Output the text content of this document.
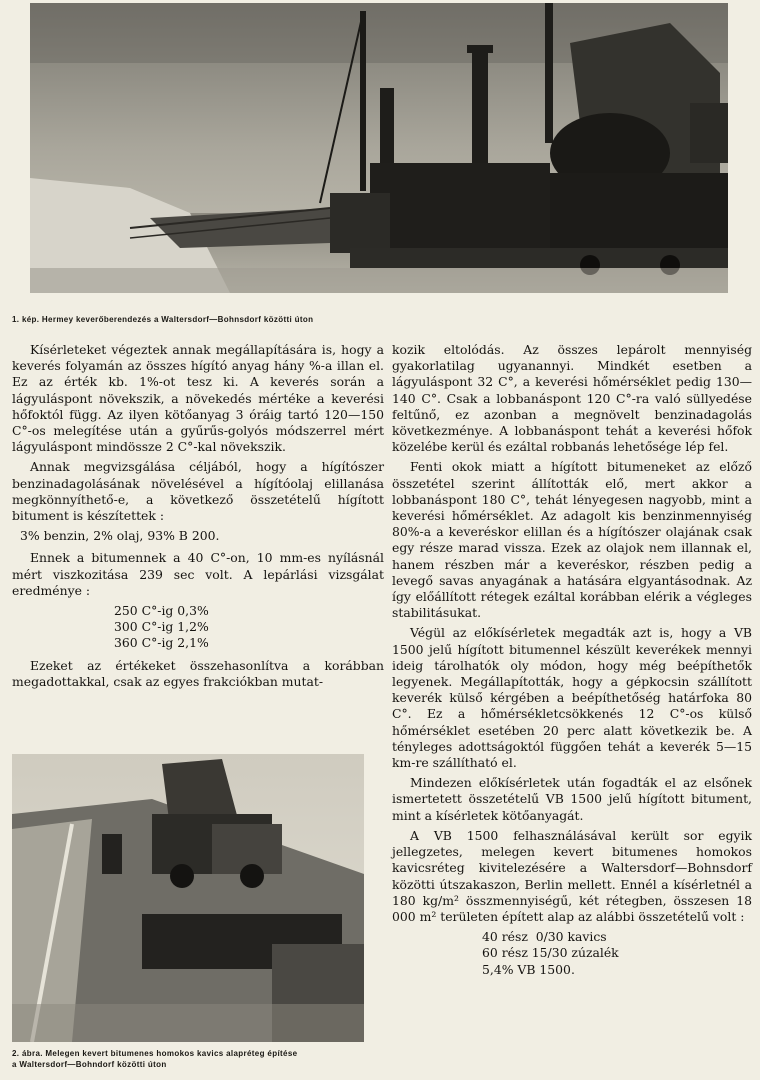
1. kép. Hermey keverőberendezés a Waltersdorf—Bohnsdorf közötti úton

Kísérleteket végeztek annak megállapítására is, hogy a keverés folyamán az összes hígító anyag hány %-a illan el. Ez az érték kb. 1%-ot tesz ki. A keverés során a lágyuláspont növekszik, a növekedés mértéke a keverési hőfoktól függ. Az ilyen kötőanyag 3 óráig tartó 120—150 C°-os melegítése után a gyűrűs-golyós módszerrel mért lágyuláspont mindössze 2 C°-kal növekszik.

Annak megvizsgálása céljából, hogy a hígítószer benzinadagolásának növelésével a hígítóolaj elillanása megkönnyíthető-e, a következő összetételű hígított bitument is készítettek :

3% benzin, 2% olaj, 93% B 200.

Ennek a bitumennek a 40 C°-on, 10 mm-es nyílásnál mért viszkozitása 239 sec volt. A lepárlási vizsgálat eredménye :

250 C°-ig 0,3%
300 C°-ig 1,2%
360 C°-ig 2,1%

Ezeket az értékeket összehasonlítva a korábban megadottakkal, csak az egyes frakciókban mutat-

2. ábra. Melegen kevert bitumenes homokos kavics alapréteg építése
a Waltersdorf—Bohndorf közötti úton

kozik eltolódás. Az összes lepárolt mennyiség gyakorlatilag ugyanannyi. Mindkét esetben a lágyuláspont 32 C°, a keverési hőmérséklet pedig 130—140 C°. Csak a lobbanáspont 120 C°-ra való süllyedése feltűnő, ez azonban a megnövelt benzinadagolás következménye. A lobbanáspont tehát a keverési hőfok közelébe kerül és ezáltal robbanás lehetősége lép fel.

Fenti okok miatt a hígított bitumeneket az előző összetétel szerint állították elő, mert akkor a lobbanáspont 180 C°, tehát lényegesen nagyobb, mint a keverési hőmérséklet. Az adagolt kis benzinmennyiség 80%-a a keveréskor elillan és a hígítószer olajának csak egy része marad vissza. Ezek az olajok nem illannak el, hanem részben már a keveréskor, részben pedig a levegő savas anyagának a hatására elgyantásodnak. Az így előállított rétegek ezáltal korábban elérik a végleges stabilitásukat.

Végül az előkísérletek megadták azt is, hogy a VB 1500 jelű hígított bitumennel készült keverékek mennyi ideig tárolhatók oly módon, hogy még beépíthetők legyenek. Megállapították, hogy a gépkocsin szállított keverék külső kérgében a beépíthetőség határfoka 80 C°. Ez a hőmérsékletcsökkenés 12 C°-os külső hőmérséklet esetében 20 perc alatt következik be. A tényleges adottságoktól függően tehát a keverék 5—15 km-re szállítható el.

Mindezen előkísérletek után fogadták el az elsőnek ismertetett összetételű VB 1500 jelű hígított bitument, mint a kísérletek kötőanyagát.

A VB 1500 felhasználásával került sor egyik jellegzetes, melegen kevert bitumenes homokos kavicsréteg kivitelezésére a Waltersdorf—Bohnsdorf közötti útszakaszon, Berlin mellett. Ennél a kísérletnél a 180 kg/m² összmennyiségű, két rétegben, összesen 18 000 m² területen épített alap az alábbi összetételű volt :

40 rész  0/30 kavics
60 rész 15/30 zúzalék
5,4% VB 1500.
